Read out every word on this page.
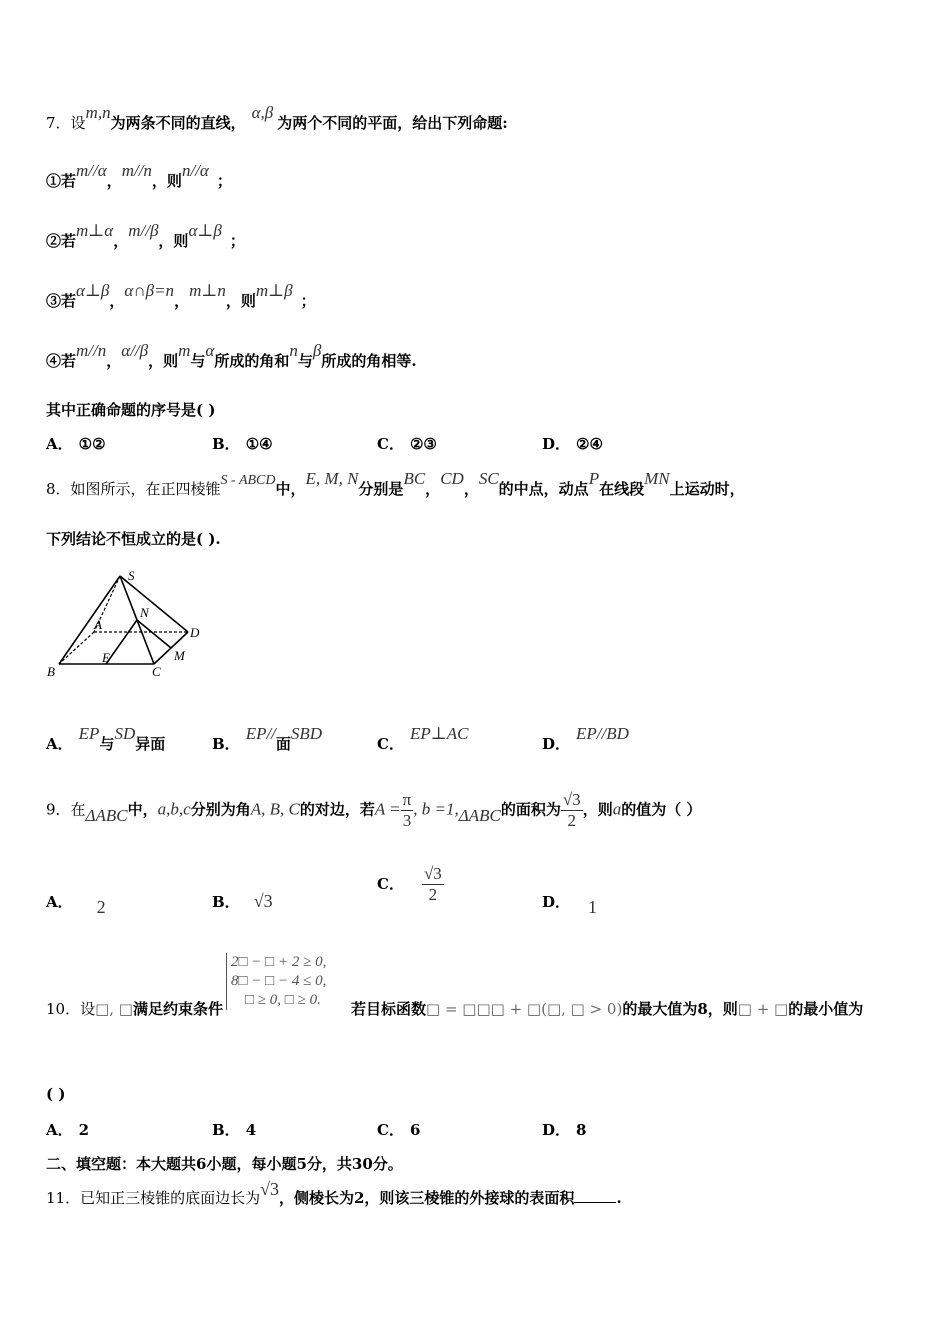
7．设m,n为两条不同的直线，α,β为两个不同的平面，给出下列命题:
①若m//α，m//n，则n//α；
②若m⊥α，m//β，则α⊥β；
③若α⊥β，α∩β=n，m⊥n，则m⊥β；
④若m//n，α//β，则m与α所成的角和n与β所成的角相等.
其中正确命题的序号是( )
A． ①②	B． ①④	C． ②③	D． ②④
8．如图所示，在正四棱锥S - ABCD中，E, M, N分别是BC，CD，SC的中点，动点P在线段MN上运动时，
下列结论不恒成立的是( ).
S
N
A
D
M
E
B	C
A．EP与SD异面	B．EP//面SBD
C．EP⊥AC
D．EP//BD
9．在ΔABC中，a,b,c分别为角A, B, C的对边，若$A = \frac{\pi}{3}$ , b =1,ΔABC的面积为 $\frac{√3}{2}$ ，则a的值为（ ）
A． 2	B． √3
C． $\frac{√3}{2}$	D． 1
2□ − □ + 2 ≥ 0,
8□ − □ − 4 ≤ 0,
□ ≥ 0, □ ≥ 0.
10．设□, □满足约束条件	若目标函数□ = □□□ + □(□, □ > 0)的最大值为8，则□ + □的最小值为
( )
A． 2	B． 4	C． 6	D． 8
二、填空题：本大题共6小题，每小题5分，共30分。
11．已知正三棱锥的底面边长为√3，侧棱长为2，则该三棱锥的外接球的表面积	.
